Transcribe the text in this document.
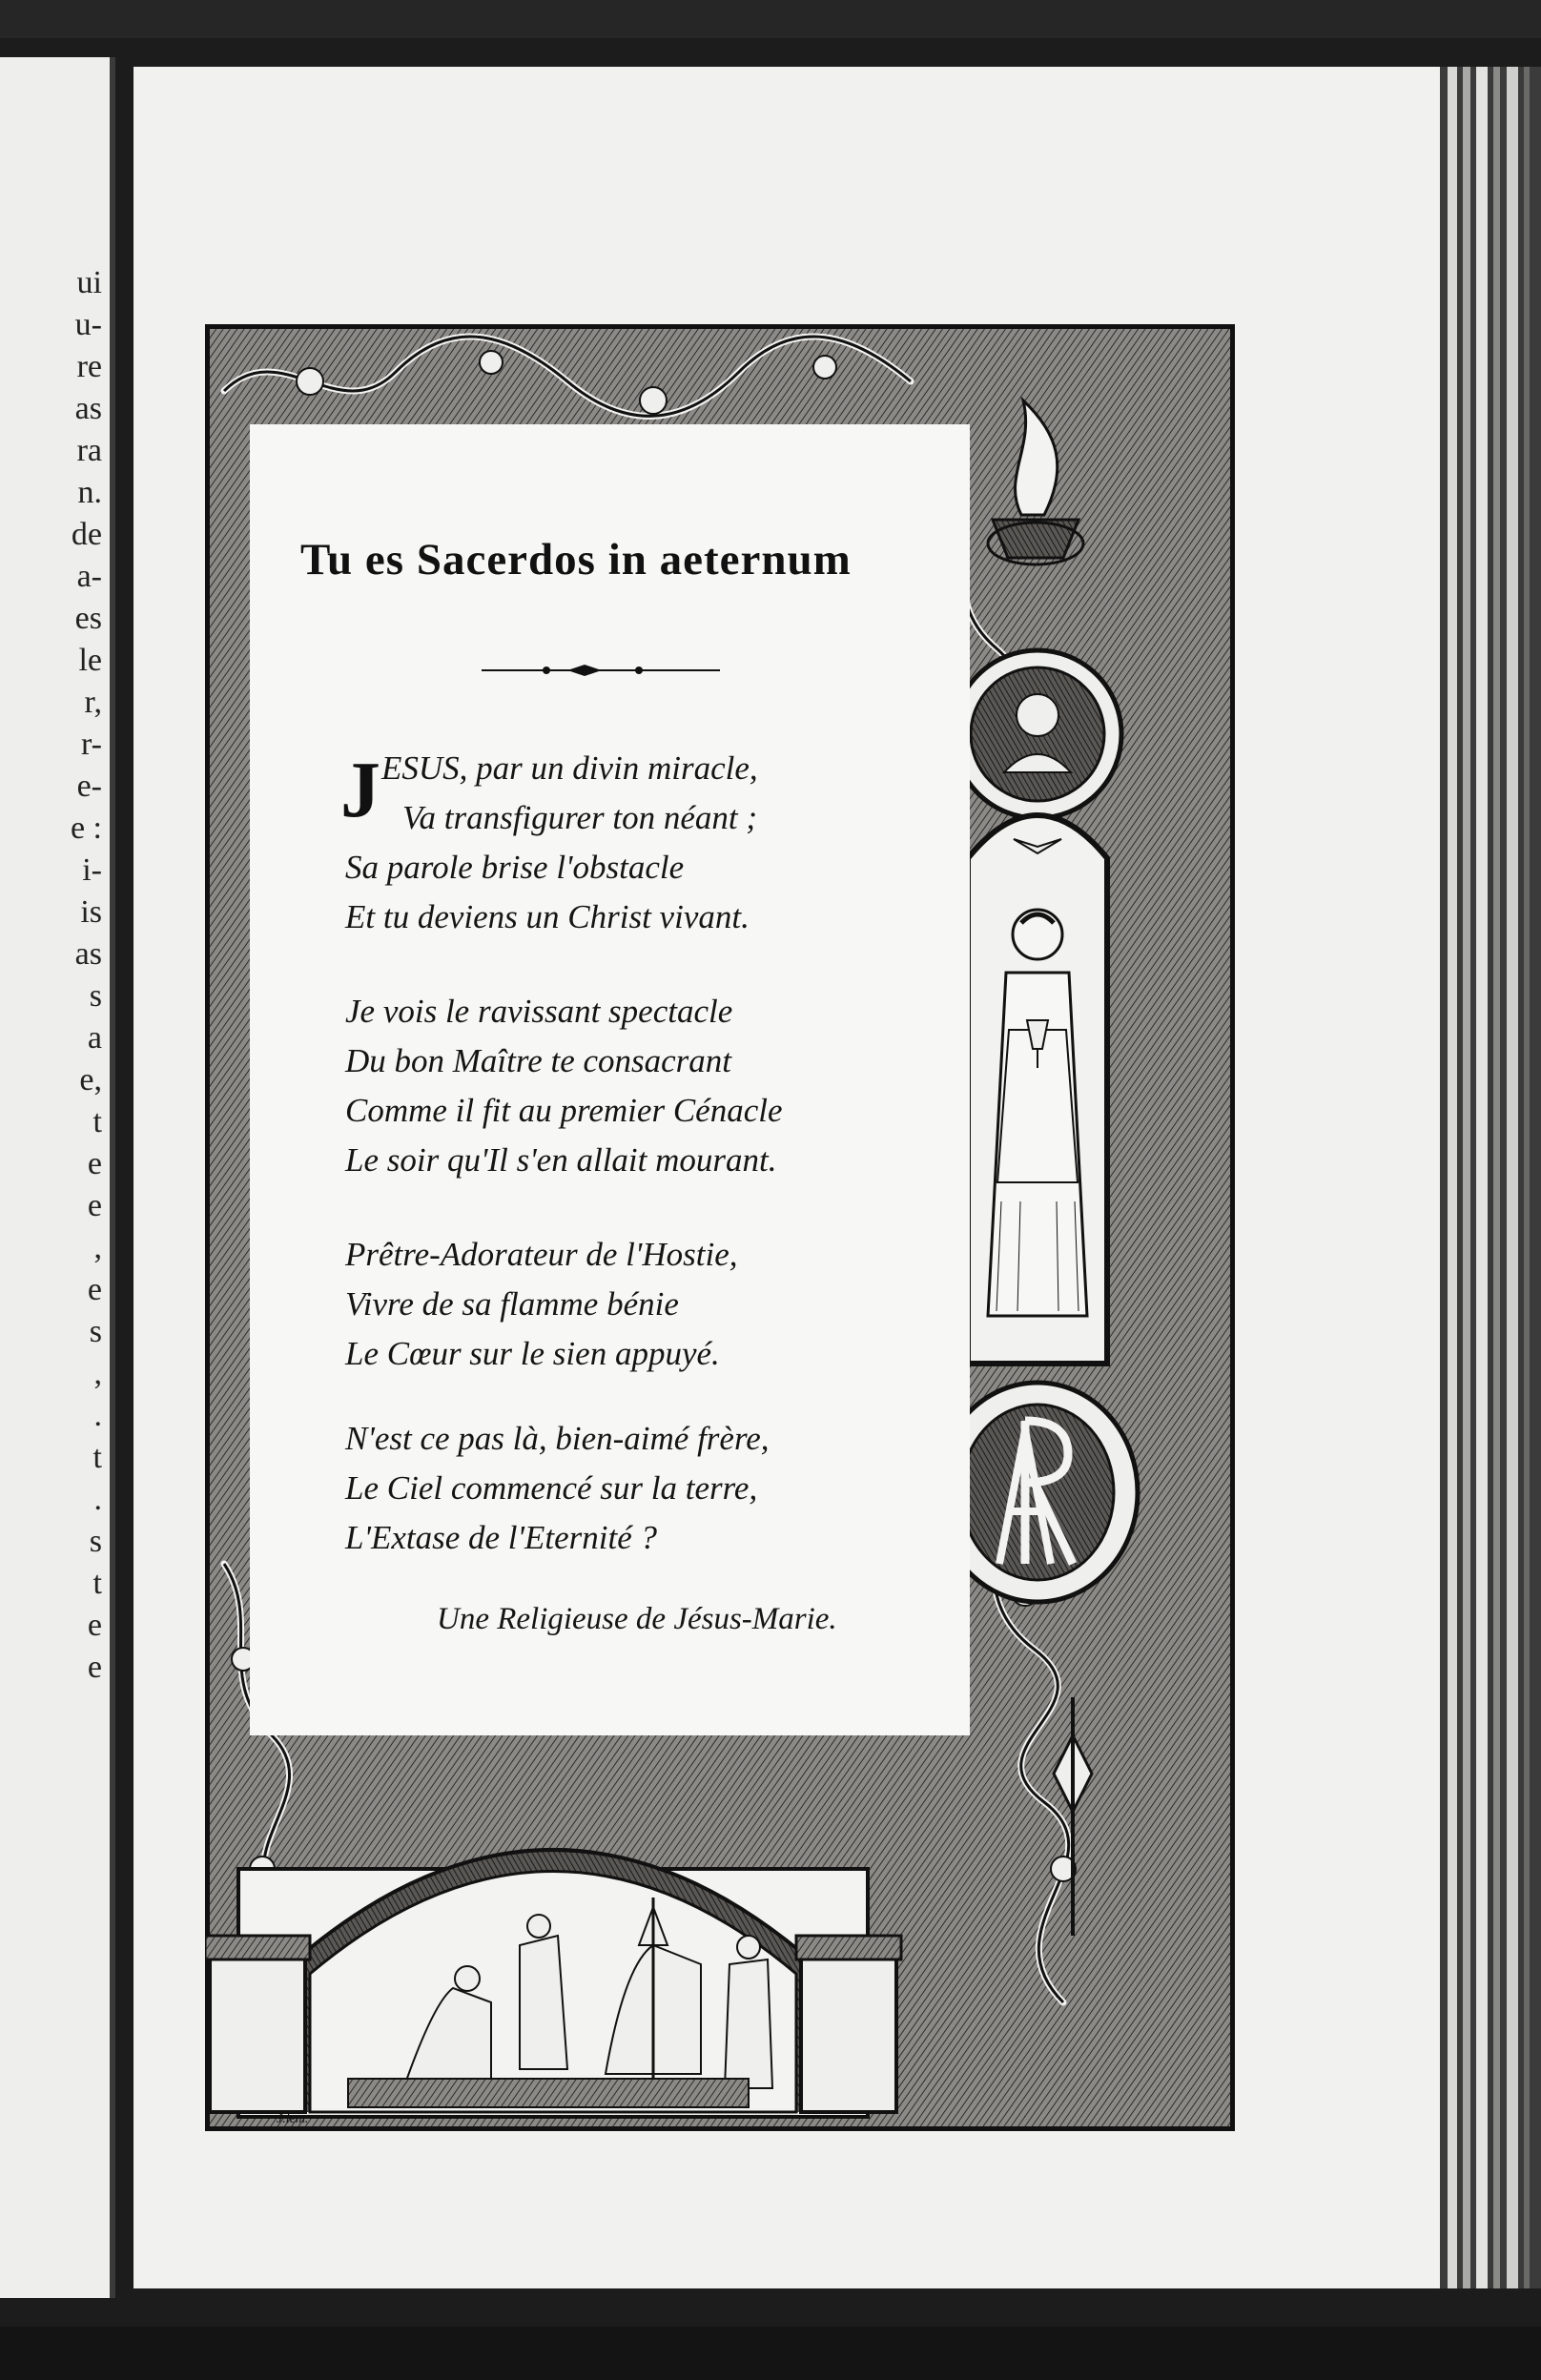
ui
u-
re
as
ra
n.
de
a-
es
le
r,
r-
e-
e :
i-
is
as
s
a
e,
t
e
e
,
e
s
,
.
t
.
s
t
e
e
J.lem.
Tu es Sacerdos in aeternum
J ESUS, par un divin miracle,
Va transfigurer ton néant ;
Sa parole brise l'obstacle
Et tu deviens un Christ vivant.
Je vois le ravissant spectacle
Du bon Maître te consacrant
Comme il fit au premier Cénacle
Le soir qu'Il s'en allait mourant.
Prêtre-Adorateur de l'Hostie,
Vivre de sa flamme bénie
Le Cœur sur le sien appuyé.
N'est ce pas là, bien-aimé frère,
Le Ciel commencé sur la terre,
L'Extase de l'Eternité ?
Une Religieuse de Jésus-Marie.
